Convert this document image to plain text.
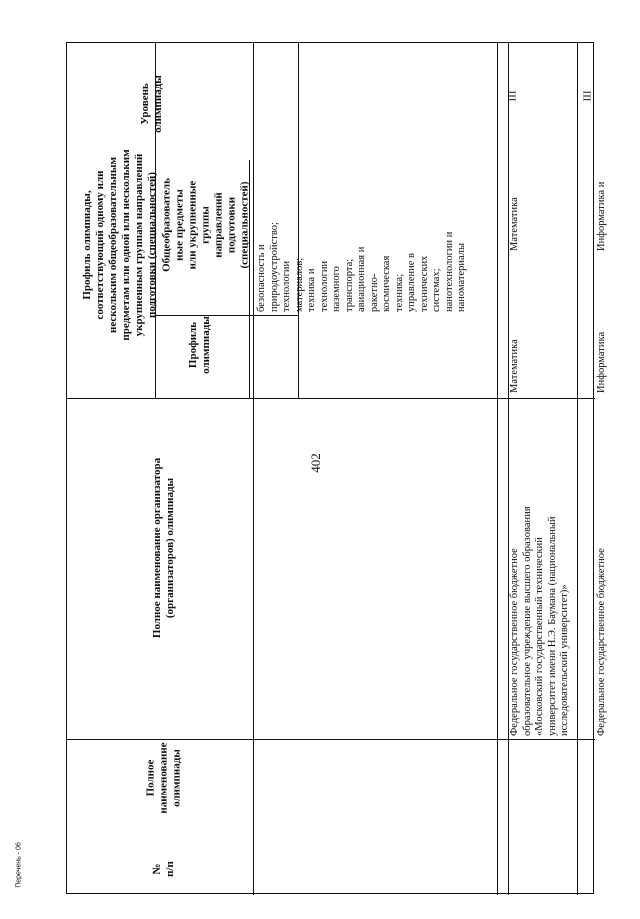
402
Перечень - 06	№ п/п
Полное наименование олимпиады
Полное наименование организатора (организаторов) олимпиады
Профиль олимпиады, соответствующий одному или нескольким общеобразовательным предметам или одной или нескольким укрупненным группам направлений подготовки (специальностей)
Профиль олимпиады
Общеобразователь ные предметы или укрупненные группы направлений подготовки (специальностей)
Уровень олимпиады
безопасность и природоустройство; технологии материалов; техника и технологии наземного транспорта; авиационная и ракетно- космическая техника; управление в технических системах; нанотехнологии и наноматериалы
Федеральное государственное бюджетное образовательное учреждение высшего образования «Московский государственный технический университет имени Н.Э. Баумана (национальный исследовательский университет)»
Математика
Математика
III
Федеральное государственное бюджетное
Информатика
Информатика и
III
